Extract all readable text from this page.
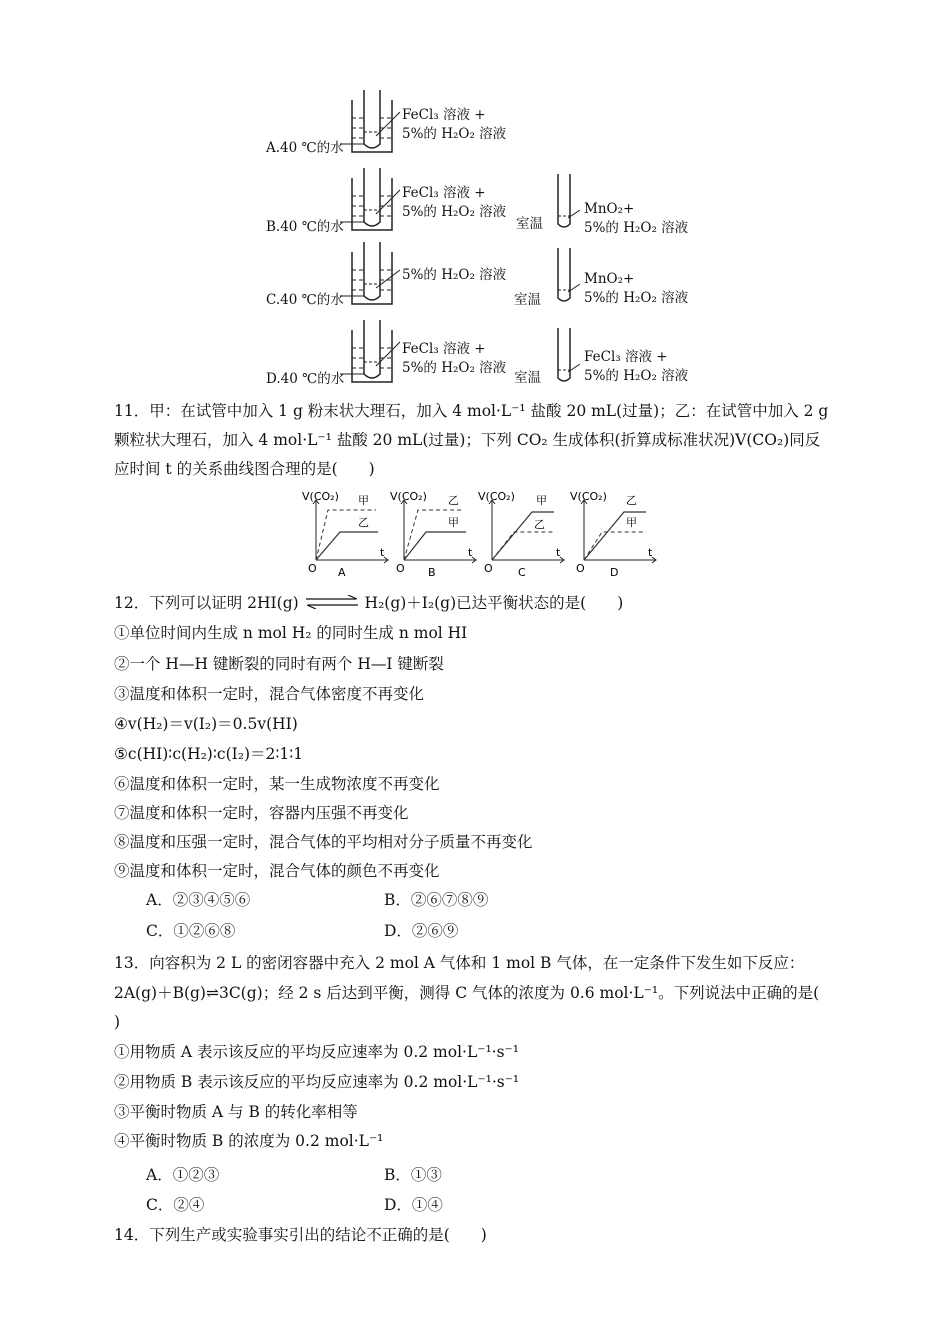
A.40 ℃的水
FeCl₃ 溶液 +
5%的 H₂O₂ 溶液
B.40 ℃的水
FeCl₃ 溶液 +
5%的 H₂O₂ 溶液
室温
MnO₂+
5%的 H₂O₂ 溶液
C.40 ℃的水
5%的 H₂O₂ 溶液
室温
MnO₂+
5%的 H₂O₂ 溶液
D.40 ℃的水
FeCl₃ 溶液 +
5%的 H₂O₂ 溶液
室温
FeCl₃ 溶液 +
5%的 H₂O₂ 溶液
11．甲：在试管中加入 1 g 粉末状大理石，加入 4 mol·L⁻¹ 盐酸 20 mL(过量)；乙：在试管中加入 2 g
颗粒状大理石，加入 4 mol·L⁻¹ 盐酸 20 mL(过量)；下列 CO₂ 生成体积(折算成标准状况)V(CO₂)同反
应时间 t 的关系曲线图合理的是(　　)
V(CO₂) 甲
乙
O
t
A
V(CO₂) 乙
甲
O
t
B
V(CO₂) 甲
乙
O
t
C
V(CO₂) 乙
甲
O
t
D
12．下列可以证明 2HI(g) ⇌ H₂(g)＋I₂(g)已达平衡状态的是(　　)
①单位时间内生成 n mol H₂ 的同时生成 n mol HI
②一个 H—H 键断裂的同时有两个 H—I 键断裂
③温度和体积一定时，混合气体密度不再变化
④v(H₂)＝v(I₂)＝0.5v(HI)
⑤c(HI)∶c(H₂)∶c(I₂)＝2∶1∶1
⑥温度和体积一定时，某一生成物浓度不再变化
⑦温度和体积一定时，容器内压强不再变化
⑧温度和压强一定时，混合气体的平均相对分子质量不再变化
⑨温度和体积一定时，混合气体的颜色不再变化
A．②③④⑤⑥	B．②⑥⑦⑧⑨
C．①②⑥⑧	D．②⑥⑨
13．向容积为 2 L 的密闭容器中充入 2 mol A 气体和 1 mol B 气体，在一定条件下发生如下反应：
2A(g)＋B(g)⇌3C(g)；经 2 s 后达到平衡，测得 C 气体的浓度为 0.6 mol·L⁻¹。下列说法中正确的是(
)
①用物质 A 表示该反应的平均反应速率为 0.2 mol·L⁻¹·s⁻¹
②用物质 B 表示该反应的平均反应速率为 0.2 mol·L⁻¹·s⁻¹
③平衡时物质 A 与 B 的转化率相等
④平衡时物质 B 的浓度为 0.2 mol·L⁻¹
A．①②③	B．①③
C．②④	D．①④
14．下列生产或实验事实引出的结论不正确的是(　　)
